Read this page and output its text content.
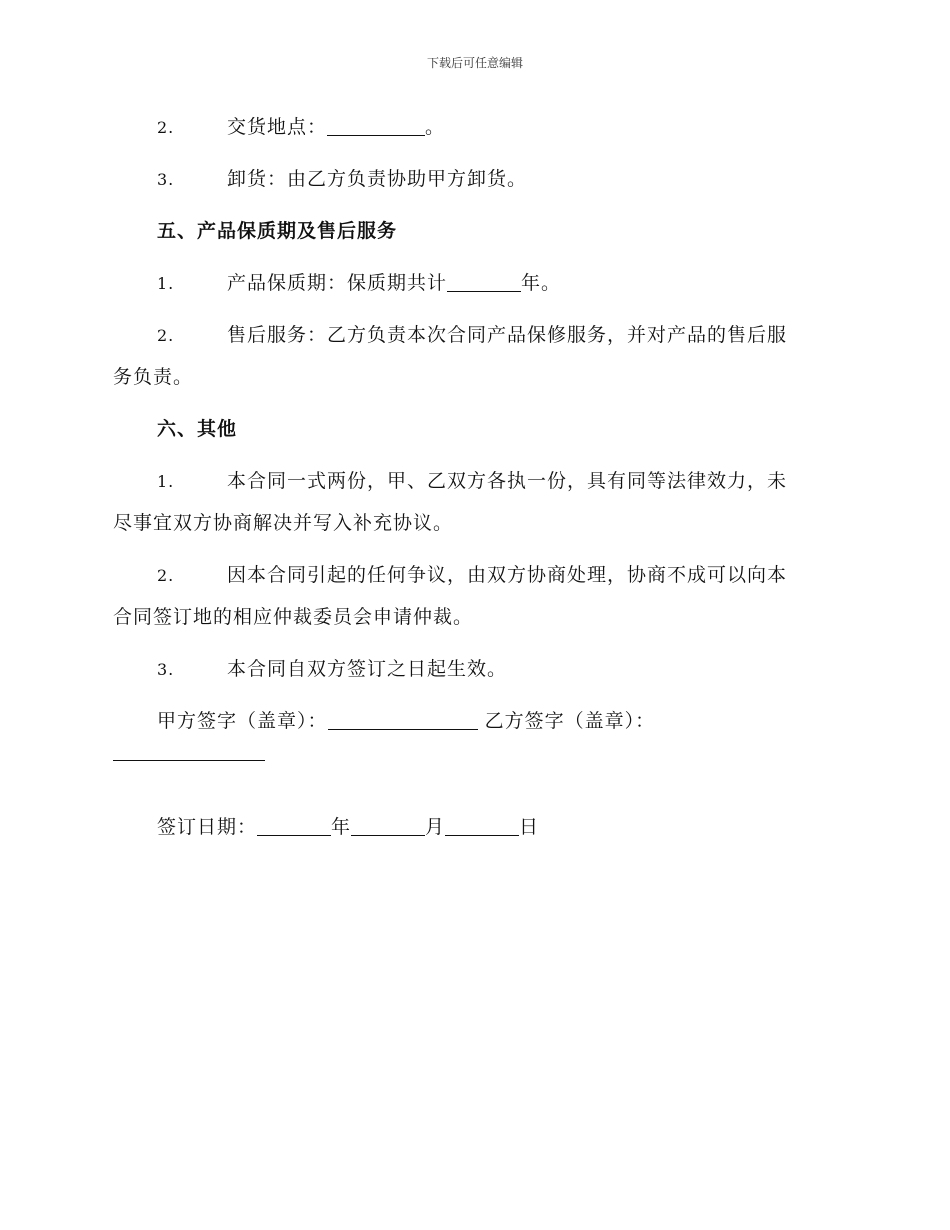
下载后可任意编辑
2.	交货地点：	。
3.	卸货：由乙方负责协助甲方卸货。
五、产品保质期及售后服务
1.	产品保质期：保质期共计	年。
2.	售后服务：乙方负责本次合同产品保修服务，并对产品的售后服
务负责。
六、其他
1.	本合同一式两份，甲、乙双方各执一份，具有同等法律效力，未
尽事宜双方协商解决并写入补充协议。
2.	因本合同引起的任何争议，由双方协商处理，协商不成可以向本
合同签订地的相应仲裁委员会申请仲裁。
3.	本合同自双方签订之日起生效。
甲方签字（盖章）：	乙方签字（盖章）：
签订日期：	年	月	日
